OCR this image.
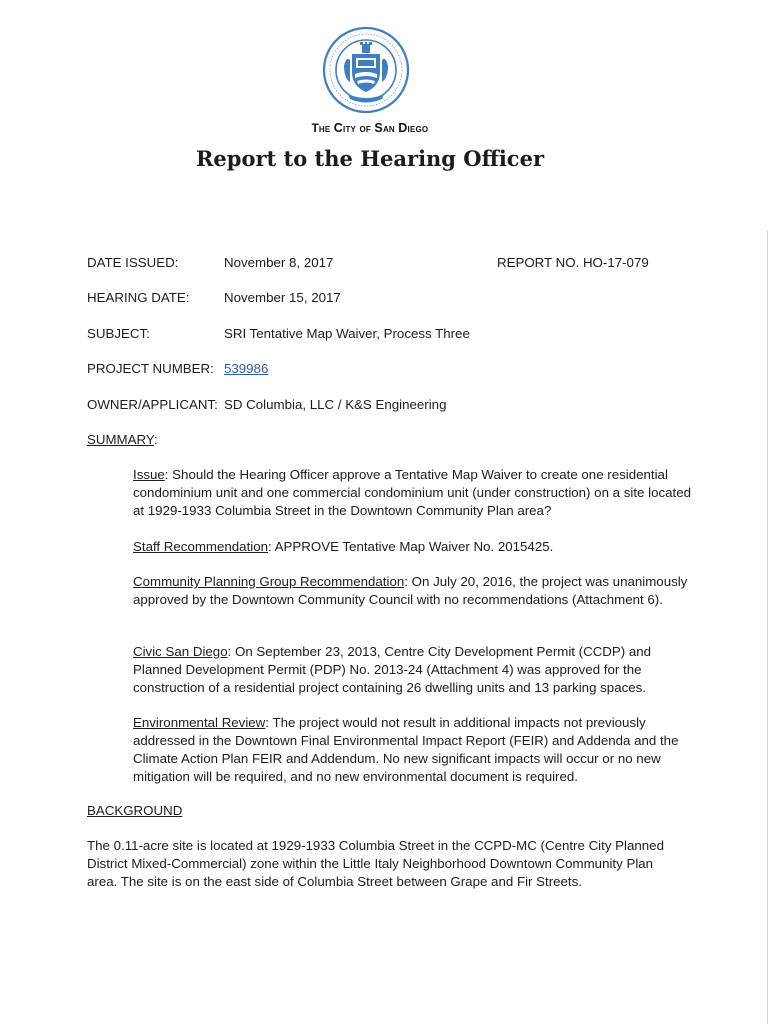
The City of San Diego
Report to the Hearing Officer
DATE ISSUED:	November 8, 2017	REPORT NO. HO-17-079
HEARING DATE:	November 15, 2017
SUBJECT:	SRI Tentative Map Waiver, Process Three
PROJECT NUMBER: 539986
OWNER/APPLICANT: SD Columbia, LLC / K&S Engineering
SUMMARY:
Issue: Should the Hearing Officer approve a Tentative Map Waiver to create one residential condominium unit and one commercial condominium unit (under construction) on a site located at 1929-1933 Columbia Street in the Downtown Community Plan area?
Staff Recommendation: APPROVE Tentative Map Waiver No. 2015425.
Community Planning Group Recommendation: On July 20, 2016, the project was unanimously approved by the Downtown Community Council with no recommendations (Attachment 6).
Civic San Diego: On September 23, 2013, Centre City Development Permit (CCDP) and Planned Development Permit (PDP) No. 2013-24 (Attachment 4) was approved for the construction of a residential project containing 26 dwelling units and 13 parking spaces.
Environmental Review: The project would not result in additional impacts not previously addressed in the Downtown Final Environmental Impact Report (FEIR) and Addenda and the Climate Action Plan FEIR and Addendum. No new significant impacts will occur or no new mitigation will be required, and no new environmental document is required.
BACKGROUND
The 0.11-acre site is located at 1929-1933 Columbia Street in the CCPD-MC (Centre City Planned District Mixed-Commercial) zone within the Little Italy Neighborhood Downtown Community Plan area. The site is on the east side of Columbia Street between Grape and Fir Streets.
